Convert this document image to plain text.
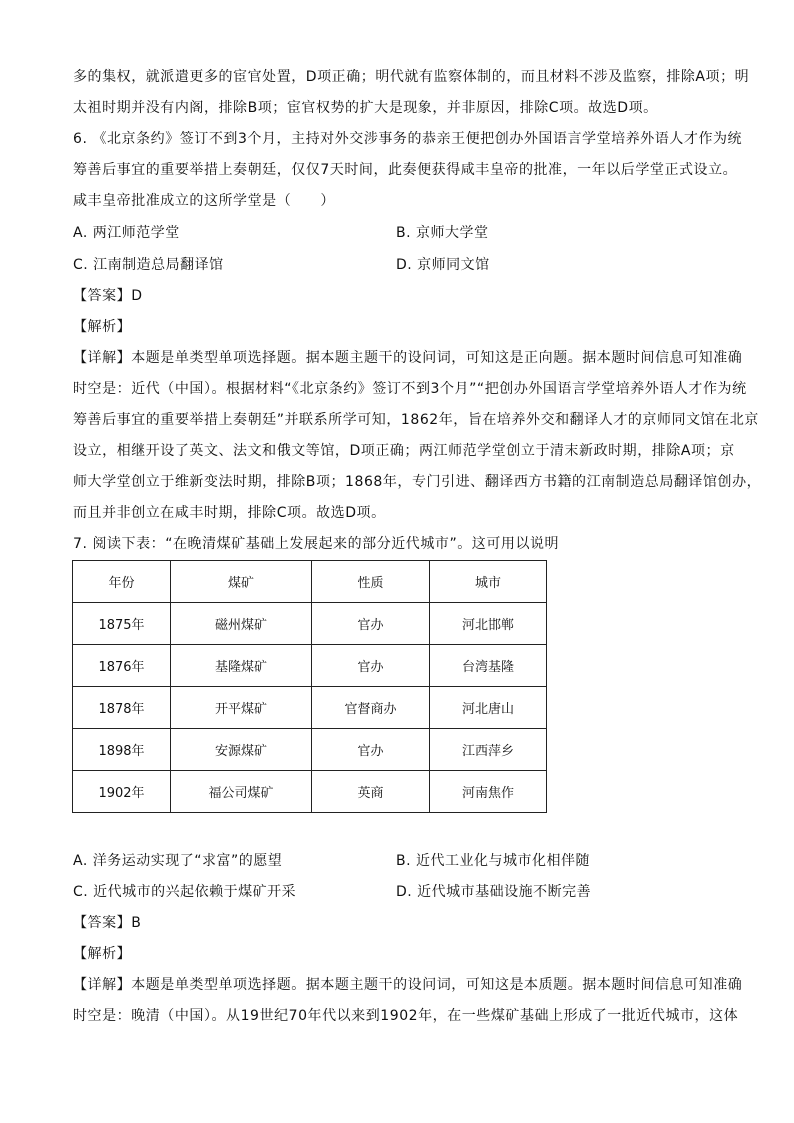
多的集权，就派遣更多的宦官处置，D项正确；明代就有监察体制的，而且材料不涉及监察，排除A项；明
太祖时期并没有内阁，排除B项；宦官权势的扩大是现象，并非原因，排除C项。故选D项。
6. 《北京条约》签订不到3个月，主持对外交涉事务的恭亲王便把创办外国语言学堂培养外语人才作为统
筹善后事宜的重要举措上奏朝廷，仅仅7天时间，此奏便获得咸丰皇帝的批准，一年以后学堂正式设立。
咸丰皇帝批准成立的这所学堂是（　　）
A. 两江师范学堂	B. 京师大学堂
C. 江南制造总局翻译馆	D. 京师同文馆
【答案】D
【解析】
【详解】本题是单类型单项选择题。据本题主题干的设问词，可知这是正向题。据本题时间信息可知准确
时空是：近代（中国）。根据材料“《北京条约》签订不到3个月”“把创办外国语言学堂培养外语人才作为统
筹善后事宜的重要举措上奏朝廷”并联系所学可知，1862年，旨在培养外交和翻译人才的京师同文馆在北京
设立，相继开设了英文、法文和俄文等馆，D项正确；两江师范学堂创立于清末新政时期，排除A项；京
师大学堂创立于维新变法时期，排除B项；1868年，专门引进、翻译西方书籍的江南制造总局翻译馆创办，
而且并非创立在咸丰时期，排除C项。故选D项。
7. 阅读下表：“在晚清煤矿基础上发展起来的部分近代城市”。这可用以说明
年份	煤矿	性质	城市
1875年	磁州煤矿	官办	河北邯郸
1876年	基隆煤矿	官办	台湾基隆
1878年	开平煤矿	官督商办	河北唐山
1898年	安源煤矿	官办	江西萍乡
1902年	福公司煤矿	英商	河南焦作
A. 洋务运动实现了“求富”的愿望	B. 近代工业化与城市化相伴随
C. 近代城市的兴起依赖于煤矿开采	D. 近代城市基础设施不断完善
【答案】B
【解析】
【详解】本题是单类型单项选择题。据本题主题干的设问词，可知这是本质题。据本题时间信息可知准确
时空是：晚清（中国）。从19世纪70年代以来到1902年，在一些煤矿基础上形成了一批近代城市，这体
